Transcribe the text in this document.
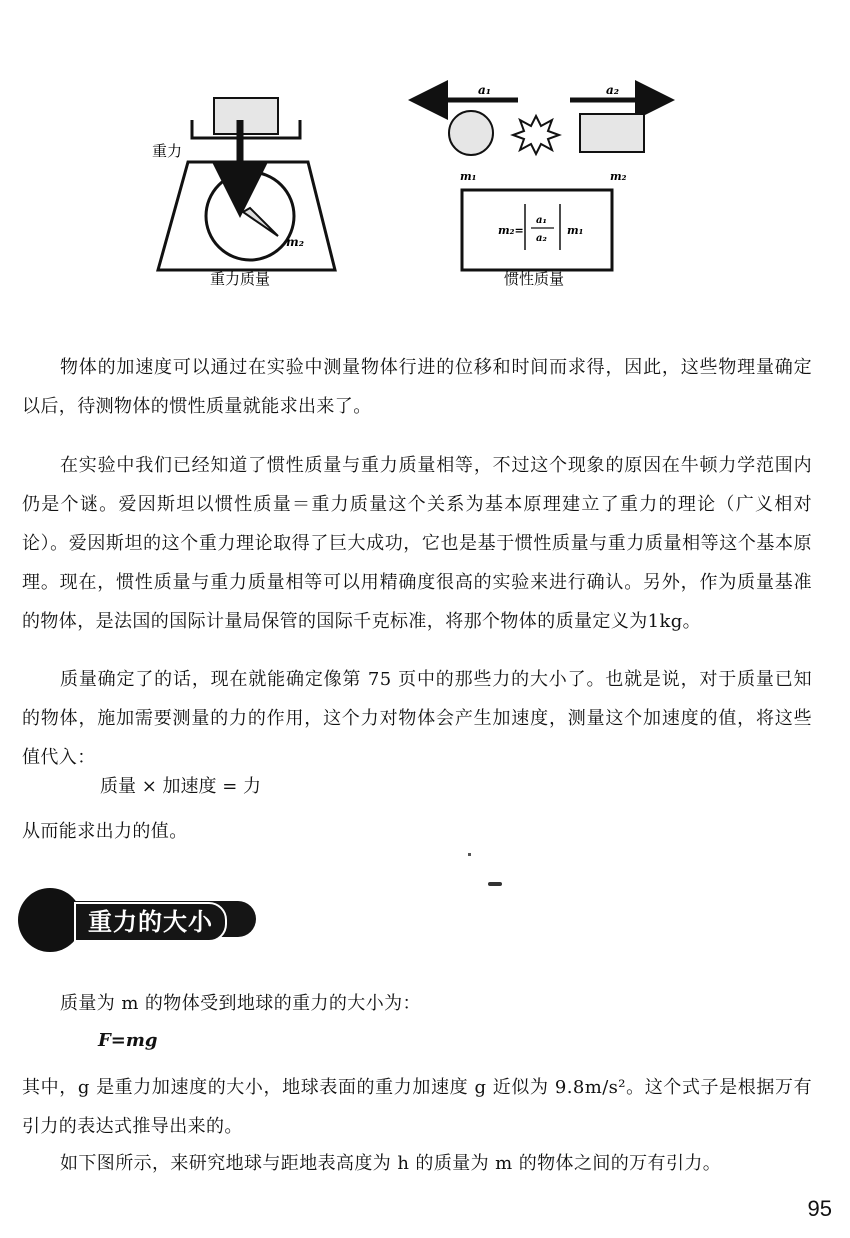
重力
m₂
重力质量
a₁	a₂
m₁	m₂
m₂=
a₁
a₂
m₁
惯性质量

物体的加速度可以通过在实验中测量物体行进的位移和时间而求得，因此，这些物理量确定以后，待测物体的惯性质量就能求出来了。

在实验中我们已经知道了惯性质量与重力质量相等，不过这个现象的原因在牛顿力学范围内仍是个谜。爱因斯坦以惯性质量＝重力质量这个关系为基本原理建立了重力的理论（广义相对论）。爱因斯坦的这个重力理论取得了巨大成功，它也是基于惯性质量与重力质量相等这个基本原理。现在，惯性质量与重力质量相等可以用精确度很高的实验来进行确认。另外，作为质量基准的物体，是法国的国际计量局保管的国际千克标准，将那个物体的质量定义为1kg。

质量确定了的话，现在就能确定像第 75 页中的那些力的大小了。也就是说，对于质量已知的物体，施加需要测量的力的作用，这个力对物体会产生加速度，测量这个加速度的值，将这些值代入：

质量 × 加速度 = 力

从而能求出力的值。

重力的大小

质量为 m 的物体受到地球的重力的大小为：

F=mg

其中，g 是重力加速度的大小，地球表面的重力加速度 g 近似为 9.8m/s²。这个式子是根据万有引力的表达式推导出来的。

如下图所示，来研究地球与距地表高度为 h 的质量为 m 的物体之间的万有引力。

95
